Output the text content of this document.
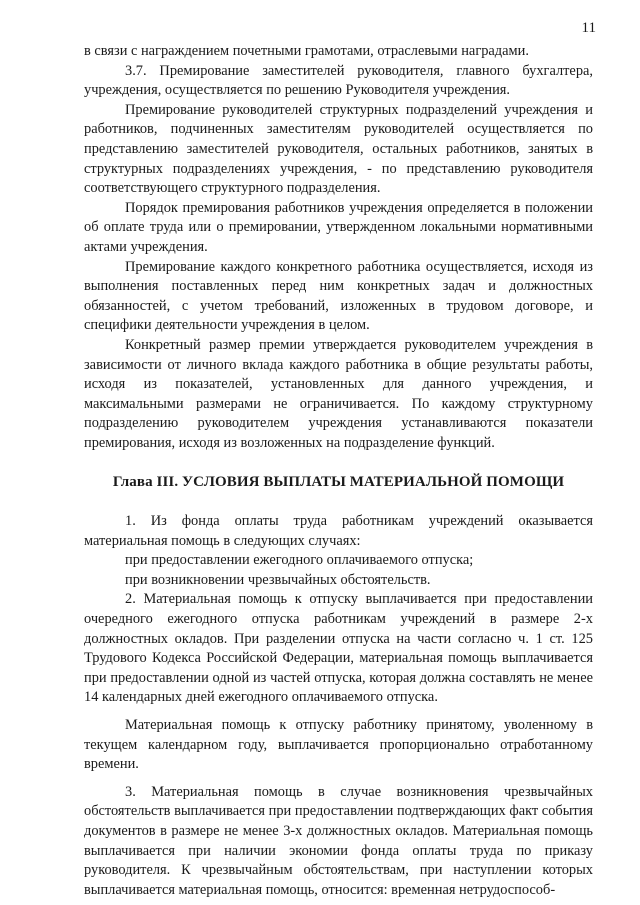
11

в связи с награждением почетными грамотами, отраслевыми наградами.

3.7. Премирование заместителей руководителя, главного бухгалтера, учреждения, осуществляется по решению Руководителя учреждения.

Премирование руководителей структурных подразделений учреждения и работников, подчиненных заместителям руководителей осуществляется по представлению заместителей руководителя, остальных работников, занятых в структурных подразделениях учреждения, - по представлению руководителя соответствующего структурного подразделения.

Порядок премирования работников учреждения определяется в положении об оплате труда или о премировании, утвержденном локальными нормативными актами учреждения.

Премирование каждого конкретного работника осуществляется, исходя из выполнения поставленных перед ним конкретных задач и должностных обязанностей, с учетом требований, изложенных в трудовом договоре, и специфики деятельности учреждения в целом.

Конкретный размер премии утверждается руководителем учреждения в зависимости от личного вклада каждого работника в общие результаты работы, исходя из показателей, установленных для данного учреждения, и максимальными размерами не ограничивается. По каждому структурному подразделению руководителем учреждения устанавливаются показатели премирования, исходя из возложенных на подразделение функций.

Глава III. УСЛОВИЯ ВЫПЛАТЫ МАТЕРИАЛЬНОЙ ПОМОЩИ

1. Из фонда оплаты труда работникам учреждений оказывается материальная помощь в следующих случаях:

при предоставлении ежегодного оплачиваемого отпуска;

при возникновении чрезвычайных обстоятельств.

2. Материальная помощь к отпуску выплачивается при предоставлении очередного ежегодного отпуска работникам учреждений в размере 2-х должностных окладов. При разделении отпуска на части согласно ч. 1 ст. 125 Трудового Кодекса Российской Федерации, материальная помощь выплачивается при предоставлении одной из частей отпуска, которая должна составлять не менее 14 календарных дней ежегодного оплачиваемого отпуска.

Материальная помощь к отпуску работнику принятому, уволенному в текущем календарном году, выплачивается пропорционально отработанному времени.

3. Материальная помощь в случае возникновения чрезвычайных обстоятельств выплачивается при предоставлении подтверждающих факт события документов в размере не менее 3-х должностных окладов. Материальная помощь выплачивается при наличии экономии фонда оплаты труда по приказу руководителя. К чрезвычайным обстоятельствам, при наступлении которых выплачивается материальная помощь, относится: временная нетрудоспособ-
